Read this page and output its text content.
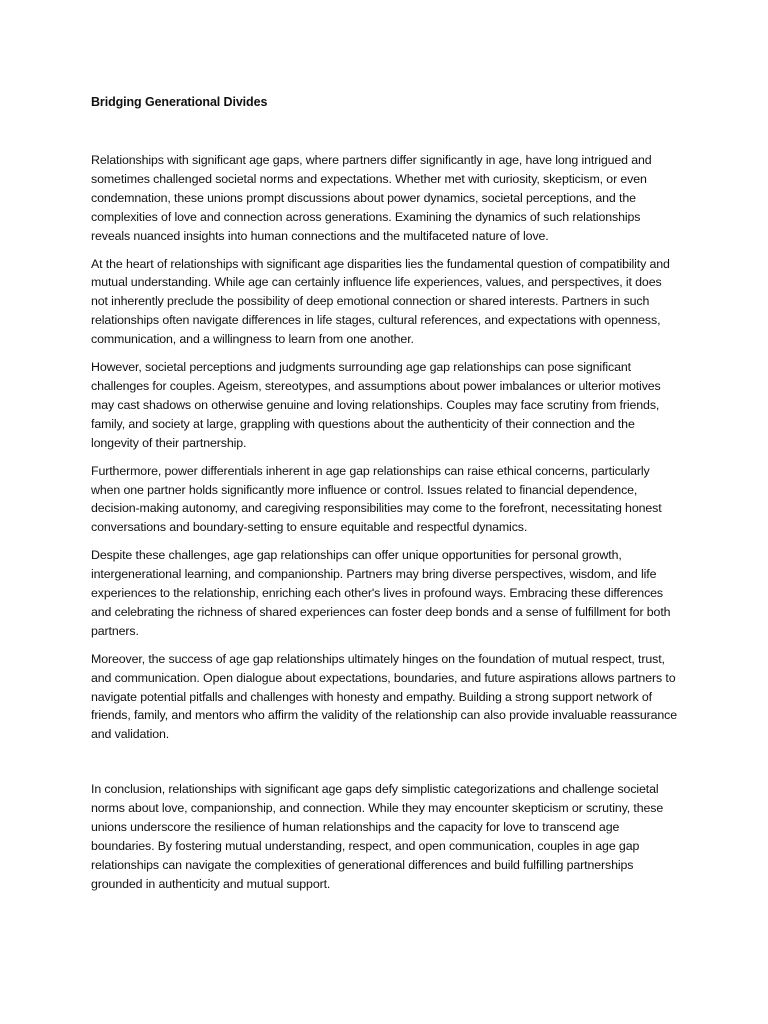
Bridging Generational Divides

Relationships with significant age gaps, where partners differ significantly in age, have long intrigued and sometimes challenged societal norms and expectations. Whether met with curiosity, skepticism, or even condemnation, these unions prompt discussions about power dynamics, societal perceptions, and the complexities of love and connection across generations. Examining the dynamics of such relationships reveals nuanced insights into human connections and the multifaceted nature of love.

At the heart of relationships with significant age disparities lies the fundamental question of compatibility and mutual understanding. While age can certainly influence life experiences, values, and perspectives, it does not inherently preclude the possibility of deep emotional connection or shared interests. Partners in such relationships often navigate differences in life stages, cultural references, and expectations with openness, communication, and a willingness to learn from one another.

However, societal perceptions and judgments surrounding age gap relationships can pose significant challenges for couples. Ageism, stereotypes, and assumptions about power imbalances or ulterior motives may cast shadows on otherwise genuine and loving relationships. Couples may face scrutiny from friends, family, and society at large, grappling with questions about the authenticity of their connection and the longevity of their partnership.

Furthermore, power differentials inherent in age gap relationships can raise ethical concerns, particularly when one partner holds significantly more influence or control. Issues related to financial dependence, decision-making autonomy, and caregiving responsibilities may come to the forefront, necessitating honest conversations and boundary-setting to ensure equitable and respectful dynamics.

Despite these challenges, age gap relationships can offer unique opportunities for personal growth, intergenerational learning, and companionship. Partners may bring diverse perspectives, wisdom, and life experiences to the relationship, enriching each other's lives in profound ways. Embracing these differences and celebrating the richness of shared experiences can foster deep bonds and a sense of fulfillment for both partners.

Moreover, the success of age gap relationships ultimately hinges on the foundation of mutual respect, trust, and communication. Open dialogue about expectations, boundaries, and future aspirations allows partners to navigate potential pitfalls and challenges with honesty and empathy. Building a strong support network of friends, family, and mentors who affirm the validity of the relationship can also provide invaluable reassurance and validation.

In conclusion, relationships with significant age gaps defy simplistic categorizations and challenge societal norms about love, companionship, and connection. While they may encounter skepticism or scrutiny, these unions underscore the resilience of human relationships and the capacity for love to transcend age boundaries. By fostering mutual understanding, respect, and open communication, couples in age gap relationships can navigate the complexities of generational differences and build fulfilling partnerships grounded in authenticity and mutual support.
